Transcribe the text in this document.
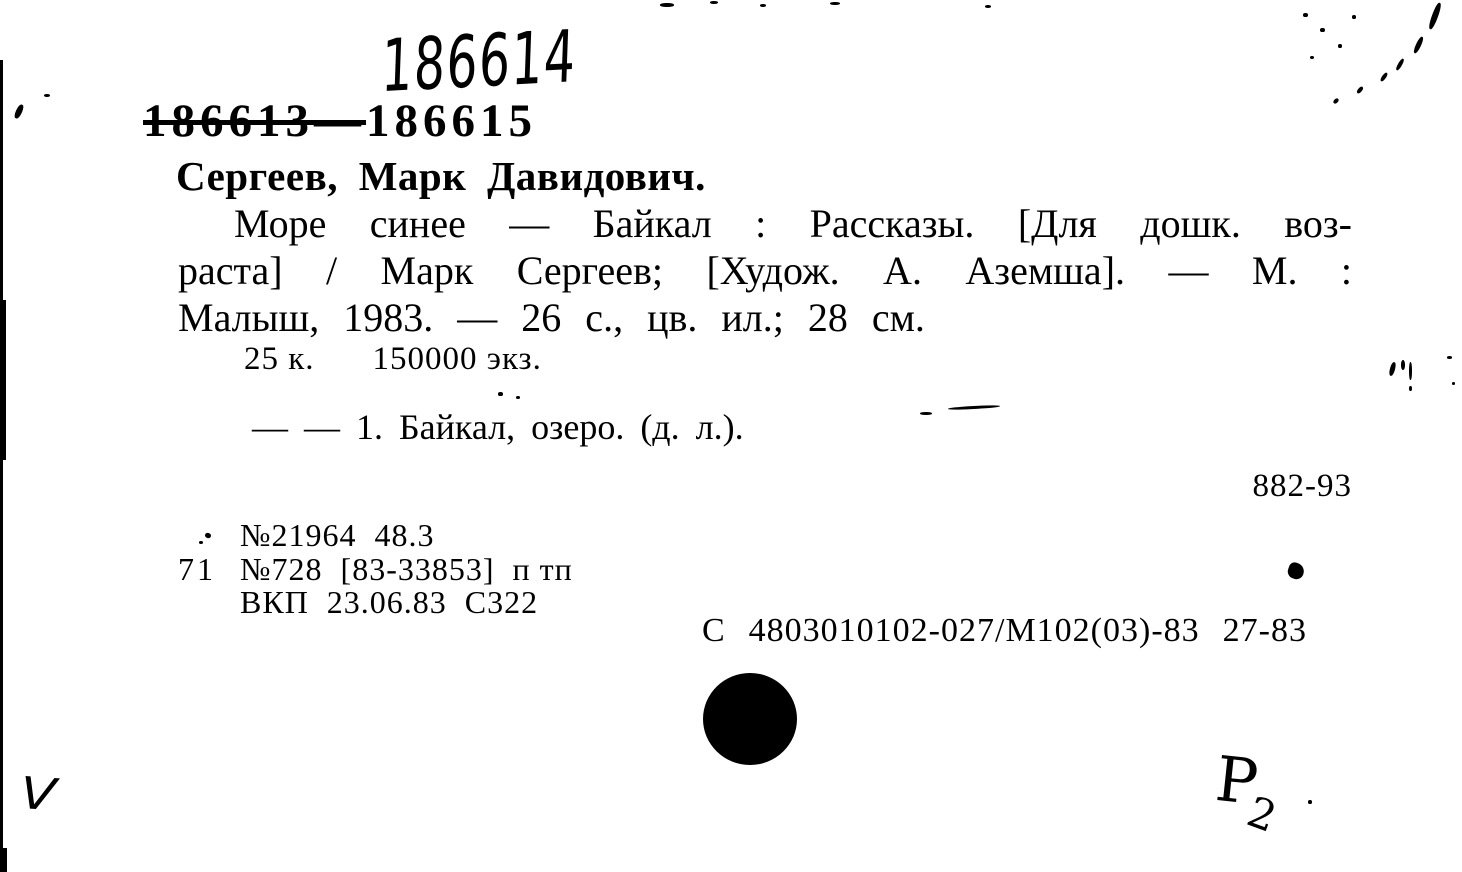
186614
186613—186615
Сергеев, Марк Давидович.
Море синее — Байкал : Рассказы. [Для дошк. воз-
раста] / Марк Сергеев; [Худож. А. Аземша]. — М. :
Малыш, 1983. — 26 с., цв. ил.; 28 см.
25 к. 150000 экз.
— — 1. Байкал, озеро. (д. л.).
882-93
№21964  48.3
71 №728  [83-33853]  п тп
ВКП  23.06.83  С322
С  4803010102-027/М102(03)-83  27-83
Р2
V
